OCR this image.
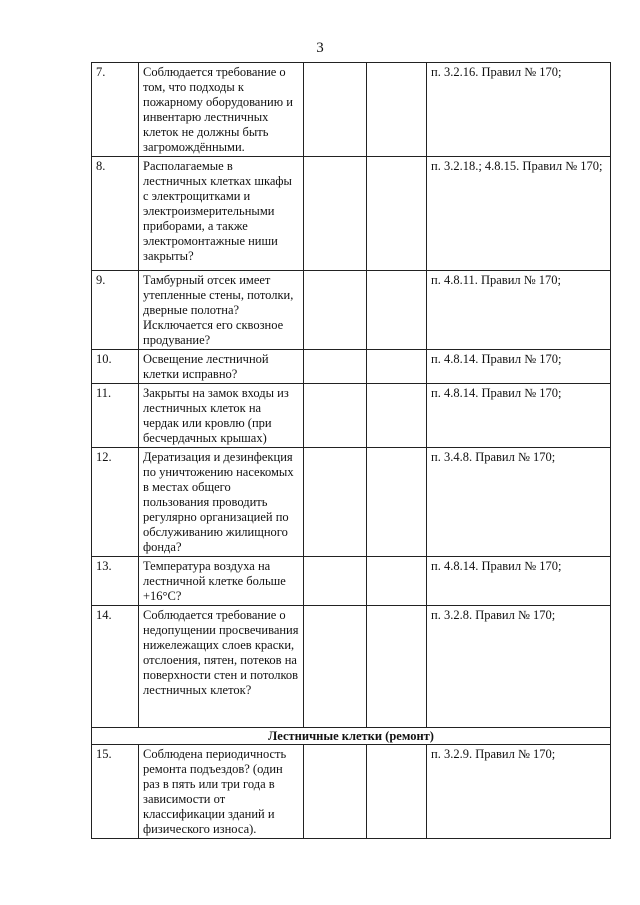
3
7.	Соблюдается требование о том, что подходы к пожарному оборудованию и инвентарю лестничных клеток не должны быть загромождёнными.			п. 3.2.16. Правил № 170;
8.	Располагаемые в лестничных клетках шкафы с электрощитками и электроизмерительными приборами, а также электромонтажные ниши закрыты?			п. 3.2.18.; 4.8.15. Правил № 170;
9.	Тамбурный отсек имеет утепленные стены, потолки, дверные полотна? Исключается его сквозное продувание?			п. 4.8.11. Правил № 170;
10.	Освещение лестничной клетки исправно?			п. 4.8.14. Правил № 170;
11.	Закрыты на замок входы из лестничных клеток на чердак или кровлю (при бесчердачных крышах)			п. 4.8.14. Правил № 170;
12.	Дератизация и дезинфекция по уничтожению насекомых в местах общего пользования проводить регулярно организацией по обслуживанию жилищного фонда?			п. 3.4.8. Правил № 170;
13.	Температура воздуха на лестничной клетке больше +16°С?			п. 4.8.14. Правил № 170;
14.	Соблюдается требование о недопущении просвечивания нижележащих слоев краски, отслоения, пятен, потеков на поверхности стен и потолков лестничных клеток?			п. 3.2.8. Правил № 170;
Лестничные клетки (ремонт)				
15.	Соблюдена периодичность ремонта подъездов? (один раз в пять или три года в зависимости от классификации зданий и физического износа).			п. 3.2.9. Правил № 170;
